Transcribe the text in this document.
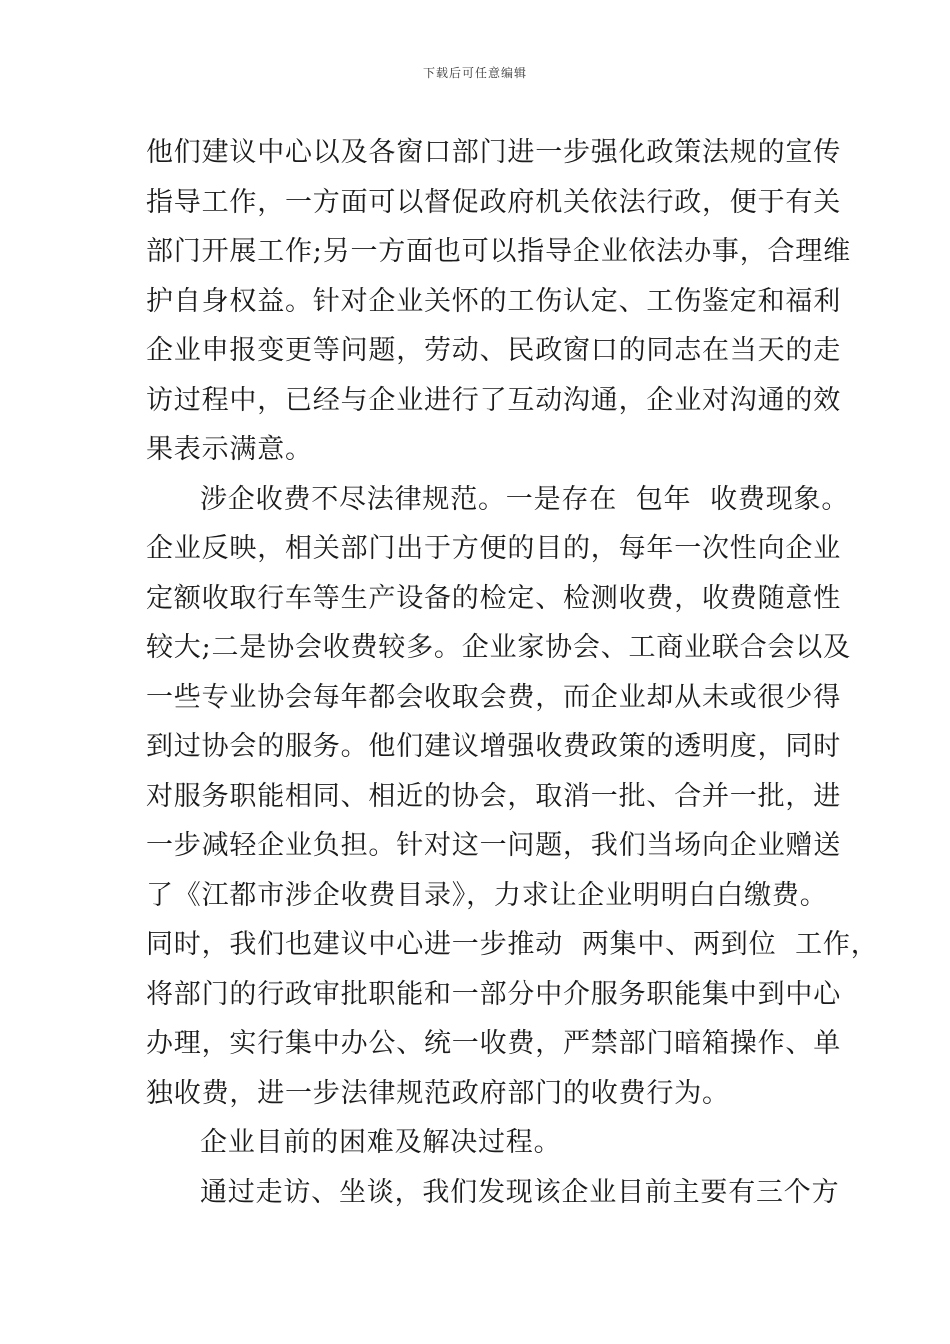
下载后可任意编辑
他们建议中心以及各窗口部门进一步强化政策法规的宣传
指导工作，一方面可以督促政府机关依法行政，便于有关
部门开展工作;另一方面也可以指导企业依法办事，合理维
护自身权益。针对企业关怀的工伤认定、工伤鉴定和福利
企业申报变更等问题，劳动、民政窗口的同志在当天的走
访过程中，已经与企业进行了互动沟通，企业对沟通的效
果表示满意。
涉企收费不尽法律规范。一是存在  包年  收费现象。
企业反映，相关部门出于方便的目的，每年一次性向企业
定额收取行车等生产设备的检定、检测收费，收费随意性
较大;二是协会收费较多。企业家协会、工商业联合会以及
一些专业协会每年都会收取会费，而企业却从未或很少得
到过协会的服务。他们建议增强收费政策的透明度，同时
对服务职能相同、相近的协会，取消一批、合并一批，进
一步减轻企业负担。针对这一问题，我们当场向企业赠送
了《江都市涉企收费目录》，力求让企业明明白白缴费。
同时，我们也建议中心进一步推动  两集中、两到位  工作，
将部门的行政审批职能和一部分中介服务职能集中到中心
办理，实行集中办公、统一收费，严禁部门暗箱操作、单
独收费，进一步法律规范政府部门的收费行为。
企业目前的困难及解决过程。
通过走访、坐谈，我们发现该企业目前主要有三个方
